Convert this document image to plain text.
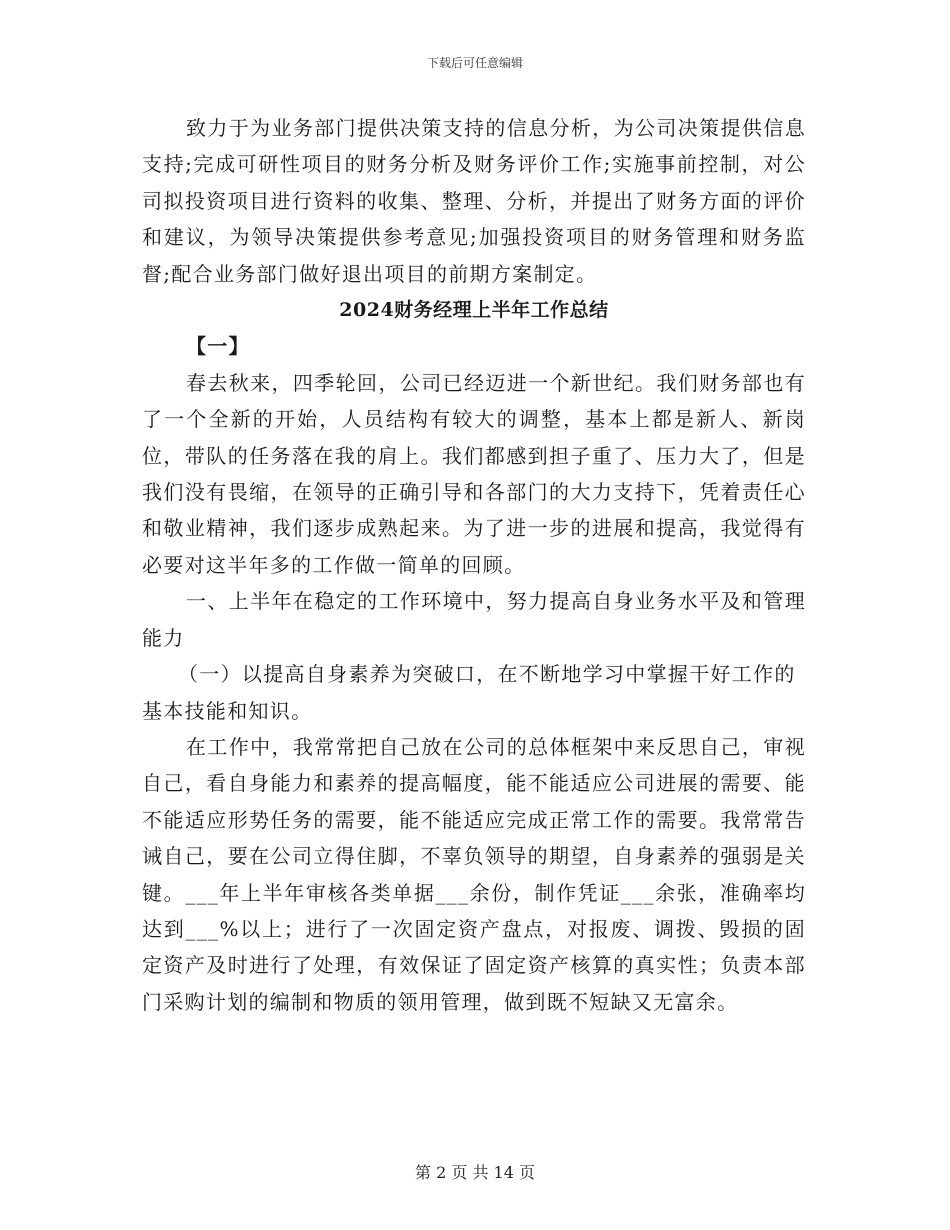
下载后可任意编辑

致力于为业务部门提供决策支持的信息分析，为公司决策提供信息支持;完成可研性项目的财务分析及财务评价工作;实施事前控制，对公司拟投资项目进行资料的收集、整理、分析，并提出了财务方面的评价和建议，为领导决策提供参考意见;加强投资项目的财务管理和财务监督;配合业务部门做好退出项目的前期方案制定。

2024财务经理上半年工作总结

【一】

春去秋来，四季轮回，公司已经迈进一个新世纪。我们财务部也有了一个全新的开始，人员结构有较大的调整，基本上都是新人、新岗位，带队的任务落在我的肩上。我们都感到担子重了、压力大了，但是我们没有畏缩，在领导的正确引导和各部门的大力支持下，凭着责任心和敬业精神，我们逐步成熟起来。为了进一步的进展和提高，我觉得有必要对这半年多的工作做一简单的回顾。

一、上半年在稳定的工作环境中，努力提高自身业务水平及和管理能力

（一）以提高自身素养为突破口，在不断地学习中掌握干好工作的基本技能和知识。

在工作中，我常常把自己放在公司的总体框架中来反思自己，审视自己，看自身能力和素养的提高幅度，能不能适应公司进展的需要、能不能适应形势任务的需要，能不能适应完成正常工作的需要。我常常告诫自己，要在公司立得住脚，不辜负领导的期望，自身素养的强弱是关键。___年上半年审核各类单据___余份，制作凭证___余张，准确率均达到___%以上；进行了一次固定资产盘点，对报废、调拨、毁损的固定资产及时进行了处理，有效保证了固定资产核算的真实性；负责本部门采购计划的编制和物质的领用管理，做到既不短缺又无富余。

第 2 页 共 14 页
